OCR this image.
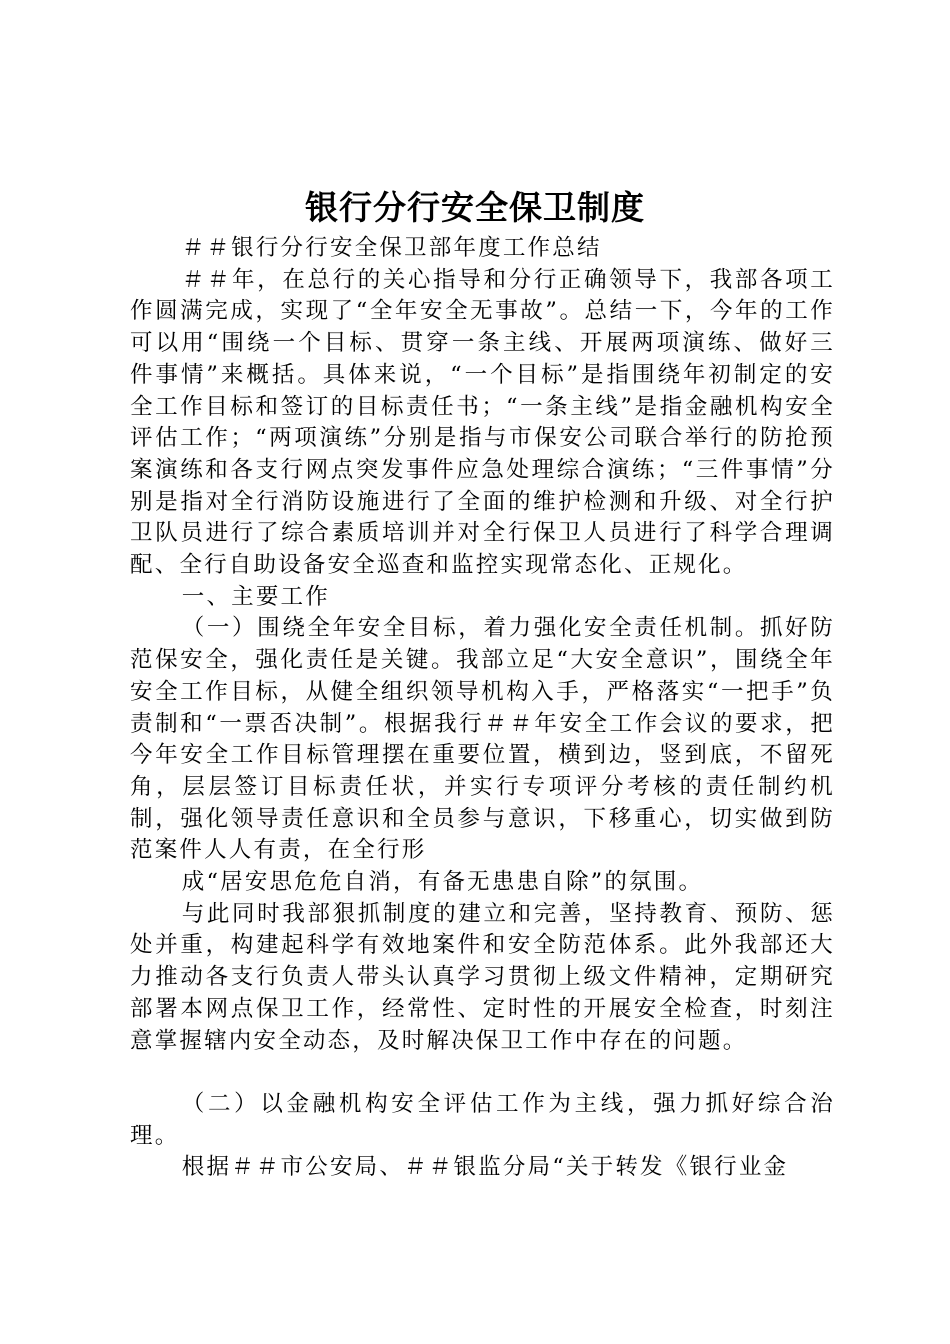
银行分行安全保卫制度

＃＃银行分行安全保卫部年度工作总结

＃＃年，在总行的关心指导和分行正确领导下，我部各项工作圆满完成，实现了“全年安全无事故”。总结一下，今年的工作可以用“围绕一个目标、贯穿一条主线、开展两项演练、做好三件事情”来概括。具体来说，“一个目标”是指围绕年初制定的安全工作目标和签订的目标责任书；“一条主线”是指金融机构安全评估工作；“两项演练”分别是指与市保安公司联合举行的防抢预案演练和各支行网点突发事件应急处理综合演练；“三件事情”分别是指对全行消防设施进行了全面的维护检测和升级、对全行护卫队员进行了综合素质培训并对全行保卫人员进行了科学合理调配、全行自助设备安全巡查和监控实现常态化、正规化。

一、主要工作

（一）围绕全年安全目标，着力强化安全责任机制。抓好防范保安全，强化责任是关键。我部立足“大安全意识”，围绕全年安全工作目标，从健全组织领导机构入手，严格落实“一把手”负责制和“一票否决制”。根据我行＃＃年安全工作会议的要求，把今年安全工作目标管理摆在重要位置，横到边，竖到底，不留死角，层层签订目标责任状，并实行专项评分考核的责任制约机制，强化领导责任意识和全员参与意识，下移重心，切实做到防范案件人人有责，在全行形

成“居安思危危自消，有备无患患自除”的氛围。

与此同时我部狠抓制度的建立和完善，坚持教育、预防、惩处并重，构建起科学有效地案件和安全防范体系。此外我部还大力推动各支行负责人带头认真学习贯彻上级文件精神，定期研究部署本网点保卫工作，经常性、定时性的开展安全检查，时刻注意掌握辖内安全动态，及时解决保卫工作中存在的问题。

（二）以金融机构安全评估工作为主线，强力抓好综合治理。

根据＃＃市公安局、＃＃银监分局“关于转发《银行业金
